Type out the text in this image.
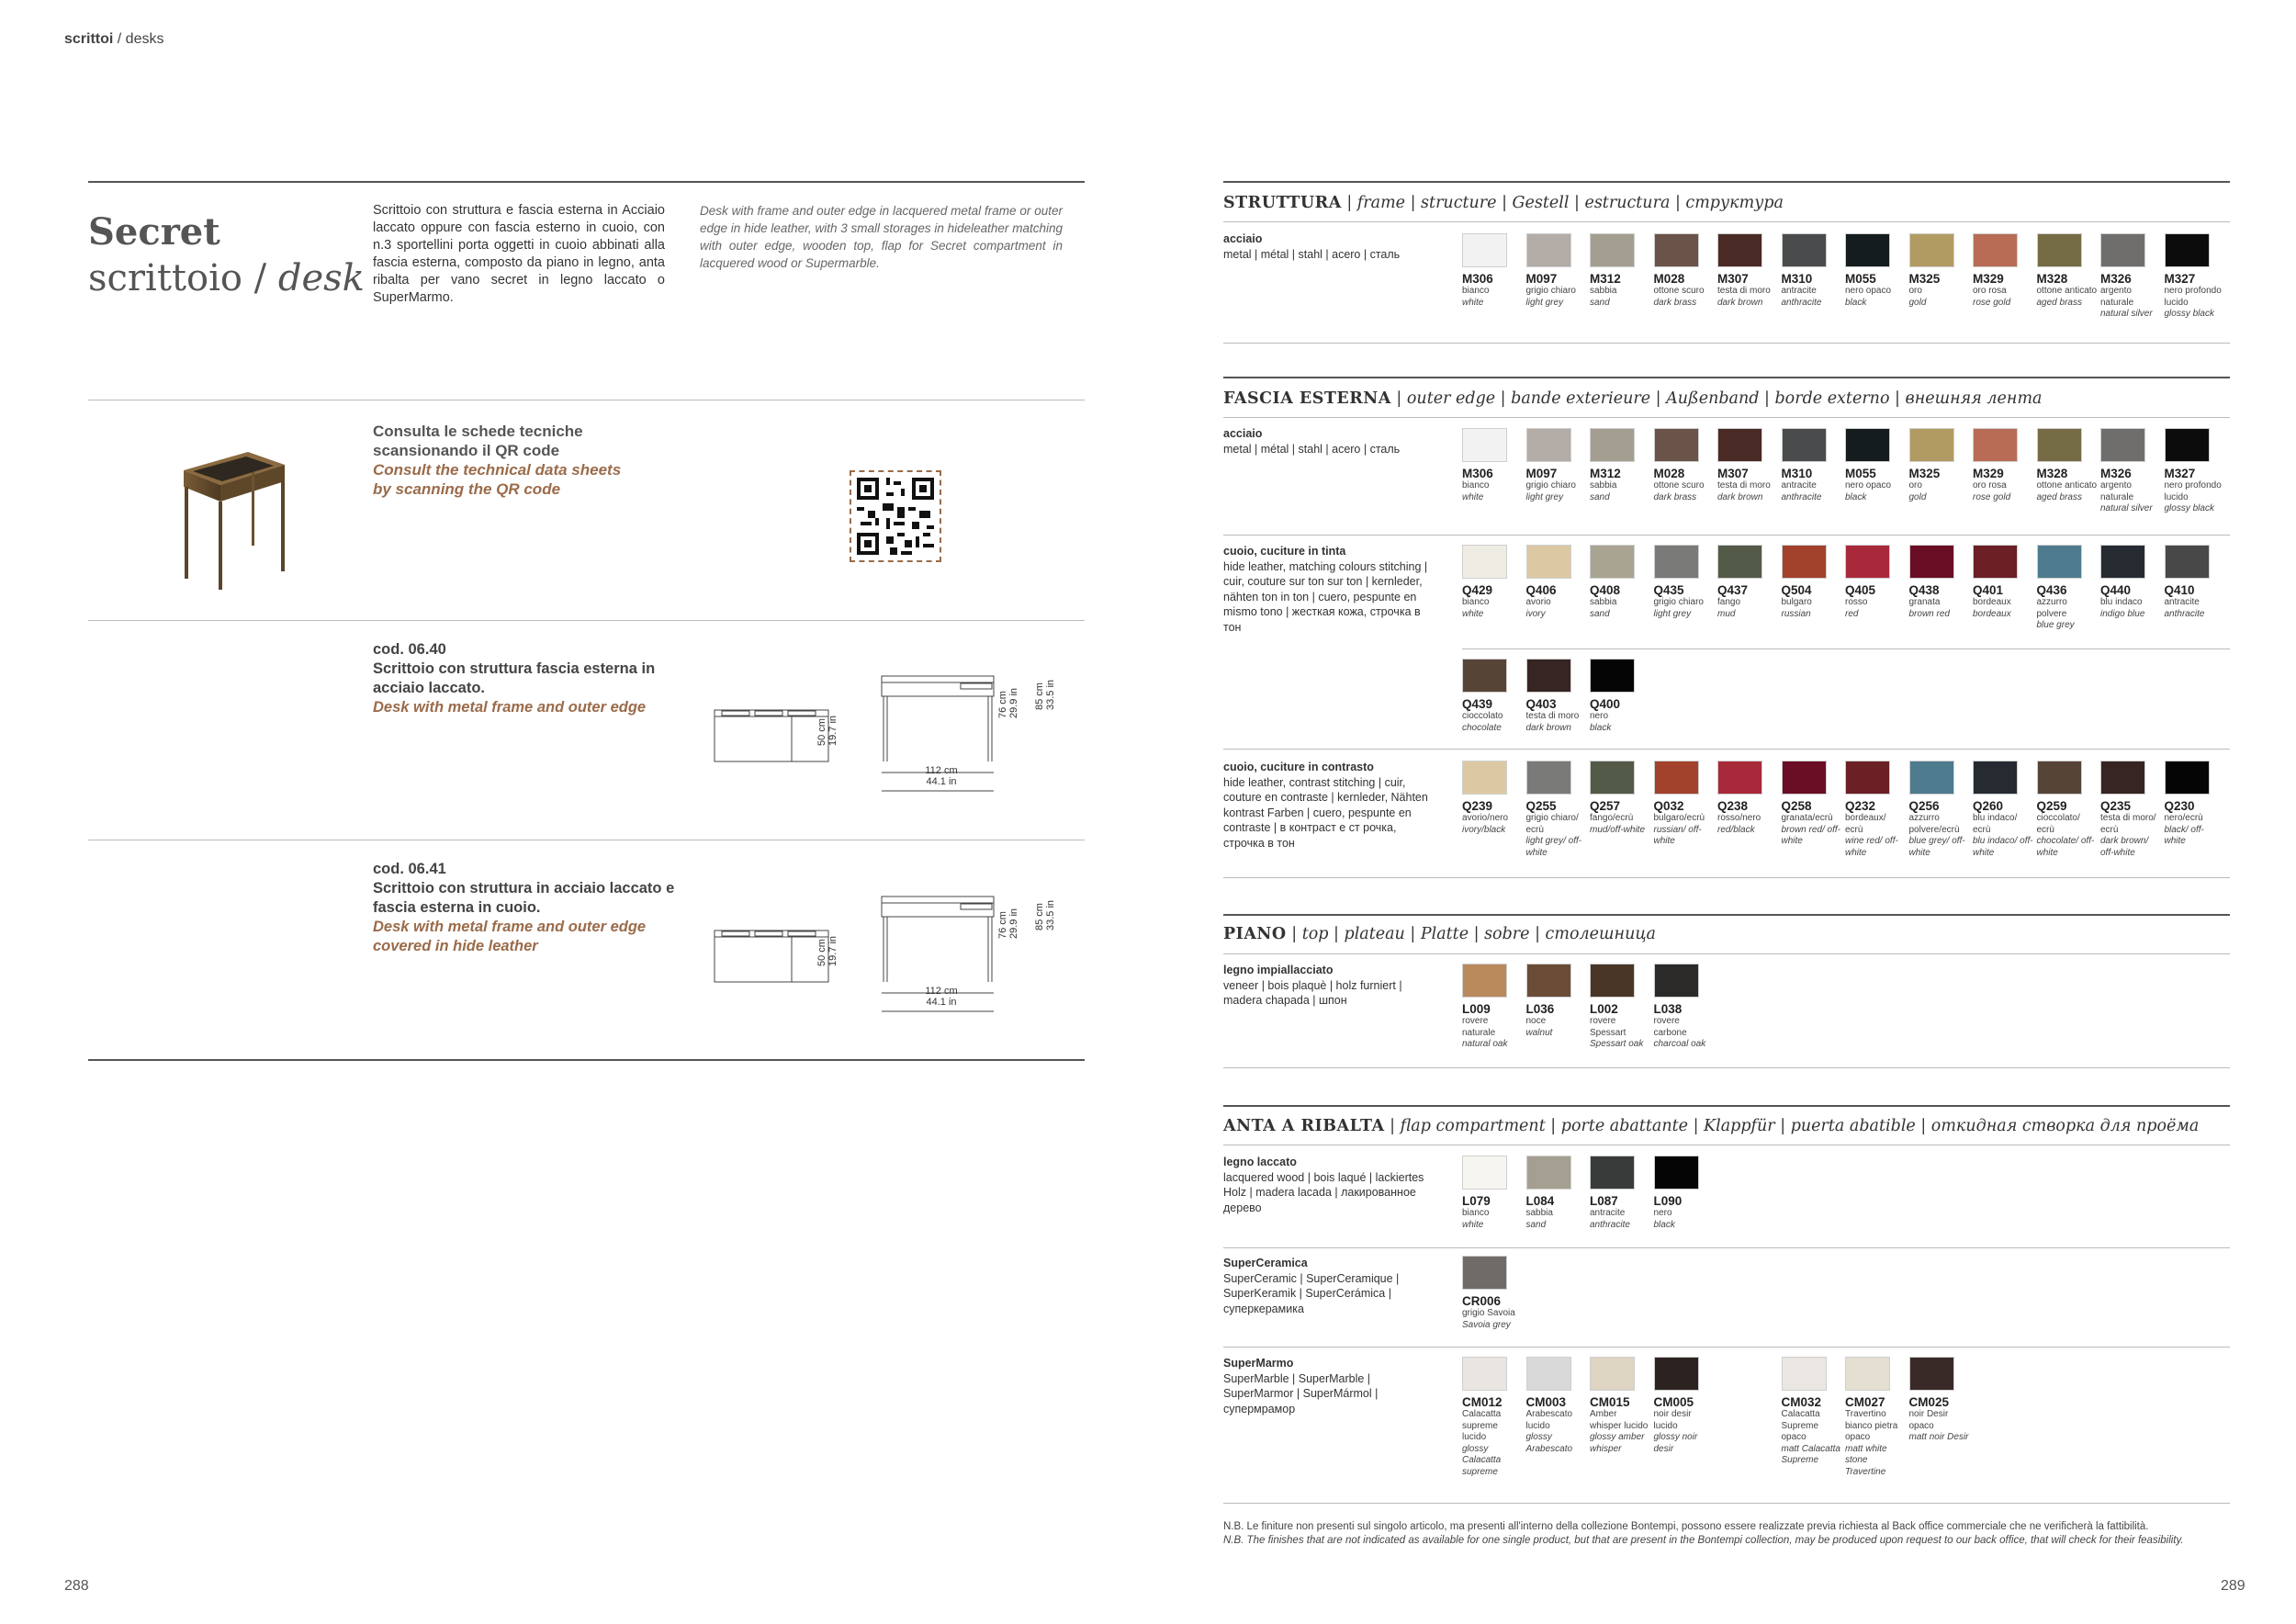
scrittoi / desks
Secret
scrittoio / desk
Scrittoio con struttura e fascia esterna in Acciaio laccato oppure con fascia esterno in cuoio, con n.3 sportellini porta oggetti in cuoio abbinati alla fascia esterna, composto da piano in legno, anta ribalta per vano secret in legno laccato o SuperMarmo.
Desk with frame and outer edge in lacquered metal frame or outer edge in hide leather, with 3 small storages in hideleather matching with outer edge, wooden top, flap for Secret compartment in lacquered wood or Supermarble.
Consulta le schede tecniche
scansionando il QR code
Consult the technical data sheets
by scanning the QR code
cod. 06.40
Scrittoio con struttura fascia esterna in
acciaio laccato.
Desk with metal frame and outer edge
112 cm
44.1 in
50 cm 19.7 in
76 cm 29.9 in 85 cm 33.5 in
cod. 06.41
Scrittoio con struttura in acciaio laccato e
fascia esterna in cuoio.
Desk with metal frame and outer edge
covered in hide leather
112 cm
44.1 in
50 cm 19.7 in
76 cm 29.9 in 85 cm 33.5 in
288
STRUTTURA | frame | structure | Gestell | estructura | структура
acciaio
metal | métal | stahl | acero | сталь
M306
bianco
white
M097
grigio chiaro
light grey
M312
sabbia
sand
M028
ottone scuro
dark brass
M307
testa di moro
dark brown
M310
antracite
anthracite
M055
nero opaco
black
M325
oro
gold
M329
oro rosa
rose gold
M328
ottone anticato
aged brass
M326
argento naturale
natural silver
M327
nero profondo lucido
glossy black
FASCIA ESTERNA | outer edge | bande exterieure | Außenband | borde externo | внешняя лента
acciaio
metal | métal | stahl | acero | сталь
M306
bianco
white
M097
grigio chiaro
light grey
M312
sabbia
sand
M028
ottone scuro
dark brass
M307
testa di moro
dark brown
M310
antracite
anthracite
M055
nero opaco
black
M325
oro
gold
M329
oro rosa
rose gold
M328
ottone anticato
aged brass
M326
argento naturale
natural silver
M327
nero profondo lucido
glossy black
cuoio, cuciture in tinta
hide leather, matching colours stitching | cuir, couture sur ton sur ton | kernleder, nähten ton in ton | cuero, pespunte en mismo tono | жесткая кожа, строчка в тон
Q429
bianco
white
Q406
avorio
ivory
Q408
sabbia
sand
Q435
grigio chiaro
light grey
Q437
fango
mud
Q504
bulgaro
russian
Q405
rosso
red
Q438
granata
brown red
Q401
bordeaux
bordeaux
Q436
azzurro polvere
blue grey
Q440
blu indaco
indigo blue
Q410
antracite
anthracite
Q439
cioccolato
chocolate
Q403
testa di moro
dark brown
Q400
nero
black
cuoio, cuciture in contrasto
hide leather, contrast stitching | cuir, couture en contraste | kernleder, Nähten kontrast Farben | cuero, pespunte en contraste | в контраст е ст рочка, строчка в тон
Q239
avorio/nero
ivory/black
Q255
grigio chiaro/ ecrù
light grey/ off-white
Q257
fango/ecrù
mud/off-white
Q032
bulgaro/ecrù
russian/ off-white
Q238
rosso/nero
red/black
Q258
granata/ecrù
brown red/ off-white
Q232
bordeaux/ ecrù
wine red/ off-white
Q256
azzurro polvere/ecrù
blue grey/ off-white
Q260
blu indaco/ ecrù
blu indaco/ off-white
Q259
cioccolato/ ecrù
chocolate/ off-white
Q235
testa di moro/ ecrù
dark brown/ off-white
Q230
nero/ecrù
black/ off-white
PIANO | top | plateau | Platte | sobre | столешница
legno impiallacciato
veneer | bois plaquè | holz furniert | madera chapada | шпон
L009
rovere naturale
natural oak
L036
noce
walnut
L002
rovere Spessart
Spessart oak
L038
rovere carbone
charcoal oak
ANTA A RIBALTA | flap compartment | porte abattante | Klappfür | puerta abatible | откидная створка для проёма
legno laccato
lacquered wood | bois laqué | lackiertes Holz | madera lacada | лакированное дерево	L079
bianco
white
L084
sabbia
sand
L087
antracite
anthracite
L090
nero
black
SuperCeramica
SuperCeramic | SuperCeramique | SuperKeramik | SuperCerámica | суперкерамика
CR006
grigio Savoia
Savoia grey
SuperMarmo
SuperMarble | SuperMarble | SuperMarmor | SuperMármol | супермрамор	CM012
Calacatta supreme lucido
glossy Calacatta supreme
CM003
Arabescato lucido
glossy Arabescato
CM015
Amber whisper lucido
glossy amber whisper
CM005
noir desir lucido
glossy noir desir
CM032
Calacatta Supreme opaco
matt Calacatta Supreme
CM027
Travertino bianco pietra opaco
matt white stone Travertine
CM025
noir Desir opaco
matt noir Desir
N.B. Le finiture non presenti sul singolo articolo, ma presenti all'interno della collezione Bontempi, possono essere realizzate previa richiesta al Back office commerciale che ne verificherà la fattibilità.
N.B. The finishes that are not indicated as available for one single product, but that are present in the Bontempi collection, may be produced upon request to our back office, that will check for their feasibility.
289
